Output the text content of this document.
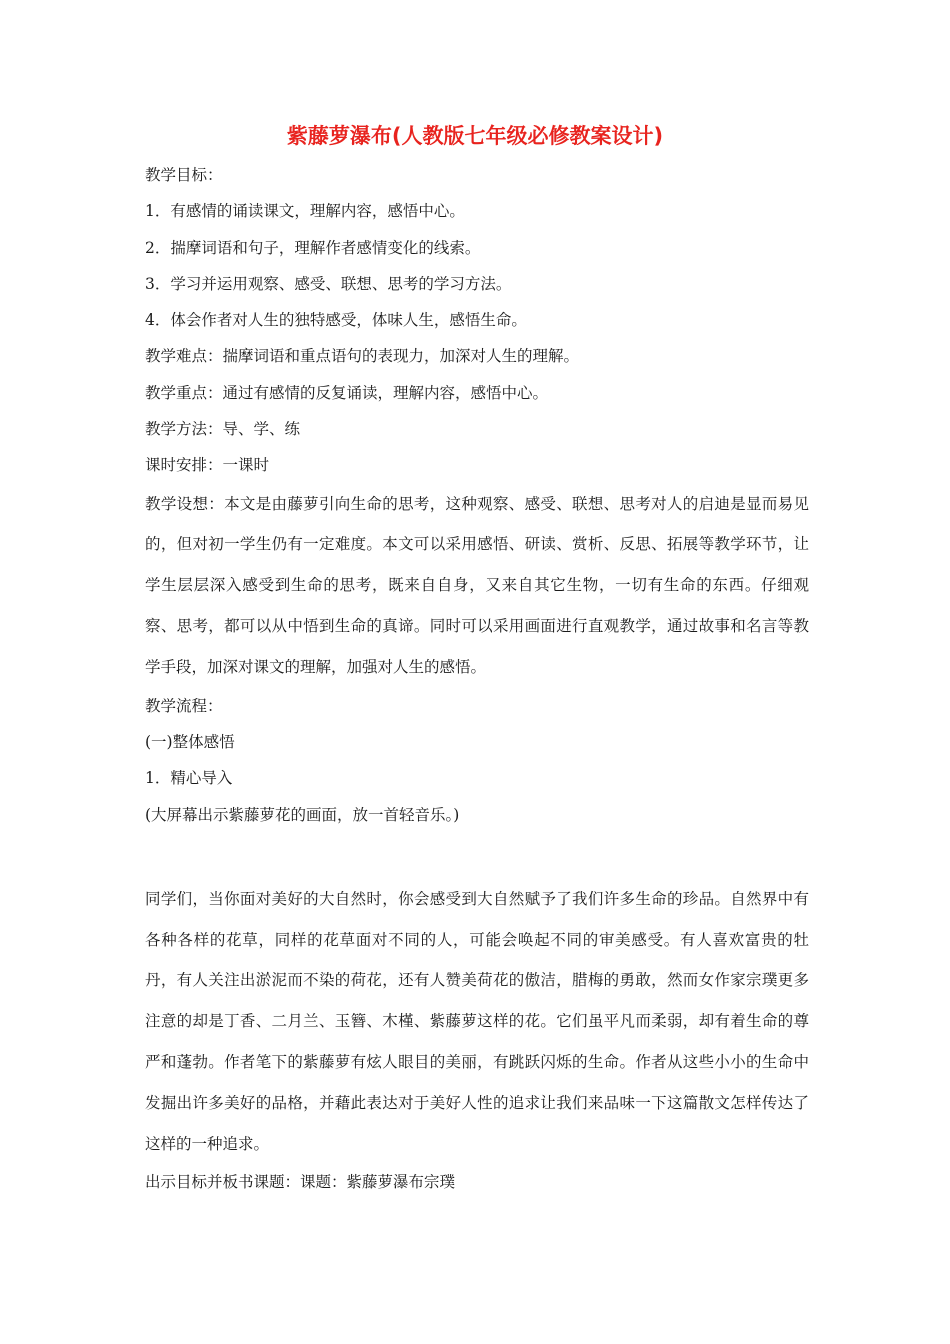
紫藤萝瀑布(人教版七年级必修教案设计)
教学目标：
1．有感情的诵读课文，理解内容，感悟中心。
2．揣摩词语和句子，理解作者感情变化的线索。
3．学习并运用观察、感受、联想、思考的学习方法。
4．体会作者对人生的独特感受，体味人生，感悟生命。
教学难点：揣摩词语和重点语句的表现力，加深对人生的理解。
教学重点：通过有感情的反复诵读，理解内容，感悟中心。
教学方法：导、学、练
课时安排：一课时
教学设想：本文是由藤萝引向生命的思考，这种观察、感受、联想、思考对人的启迪是显而易见的，但对初一学生仍有一定难度。本文可以采用感悟、研读、赏析、反思、拓展等教学环节，让学生层层深入感受到生命的思考，既来自自身，又来自其它生物，一切有生命的东西。仔细观察、思考，都可以从中悟到生命的真谛。同时可以采用画面进行直观教学，通过故事和名言等教学手段，加深对课文的理解，加强对人生的感悟。
教学流程：
(一)整体感悟
1．精心导入
(大屏幕出示紫藤萝花的画面，放一首轻音乐。)
同学们，当你面对美好的大自然时，你会感受到大自然赋予了我们许多生命的珍品。自然界中有各种各样的花草，同样的花草面对不同的人，可能会唤起不同的审美感受。有人喜欢富贵的牡丹，有人关注出淤泥而不染的荷花，还有人赞美荷花的傲洁，腊梅的勇敢，然而女作家宗璞更多注意的却是丁香、二月兰、玉簪、木槿、紫藤萝这样的花。它们虽平凡而柔弱，却有着生命的尊严和蓬勃。作者笔下的紫藤萝有炫人眼目的美丽，有跳跃闪烁的生命。作者从这些小小的生命中发掘出许多美好的品格，并藉此表达对于美好人性的追求让我们来品味一下这篇散文怎样传达了这样的一种追求。
出示目标并板书课题：课题：紫藤萝瀑布宗璞
